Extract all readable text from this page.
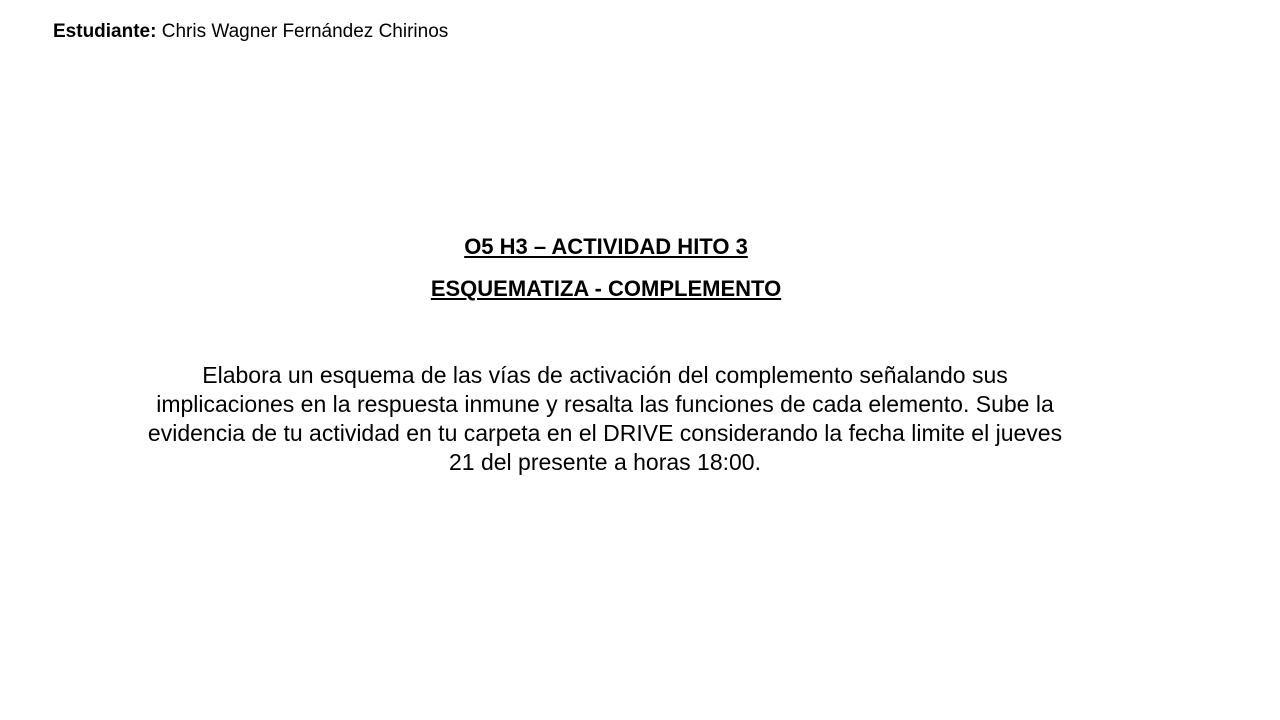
Estudiante: Chris Wagner Fernández Chirinos
O5 H3 – ACTIVIDAD HITO 3
ESQUEMATIZA - COMPLEMENTO
Elabora un esquema de las vías de activación del complemento señalando sus
implicaciones en la respuesta inmune y resalta las funciones de cada elemento. Sube la
evidencia de tu actividad en tu carpeta en el DRIVE considerando la fecha limite el jueves
21 del presente a horas 18:00.
